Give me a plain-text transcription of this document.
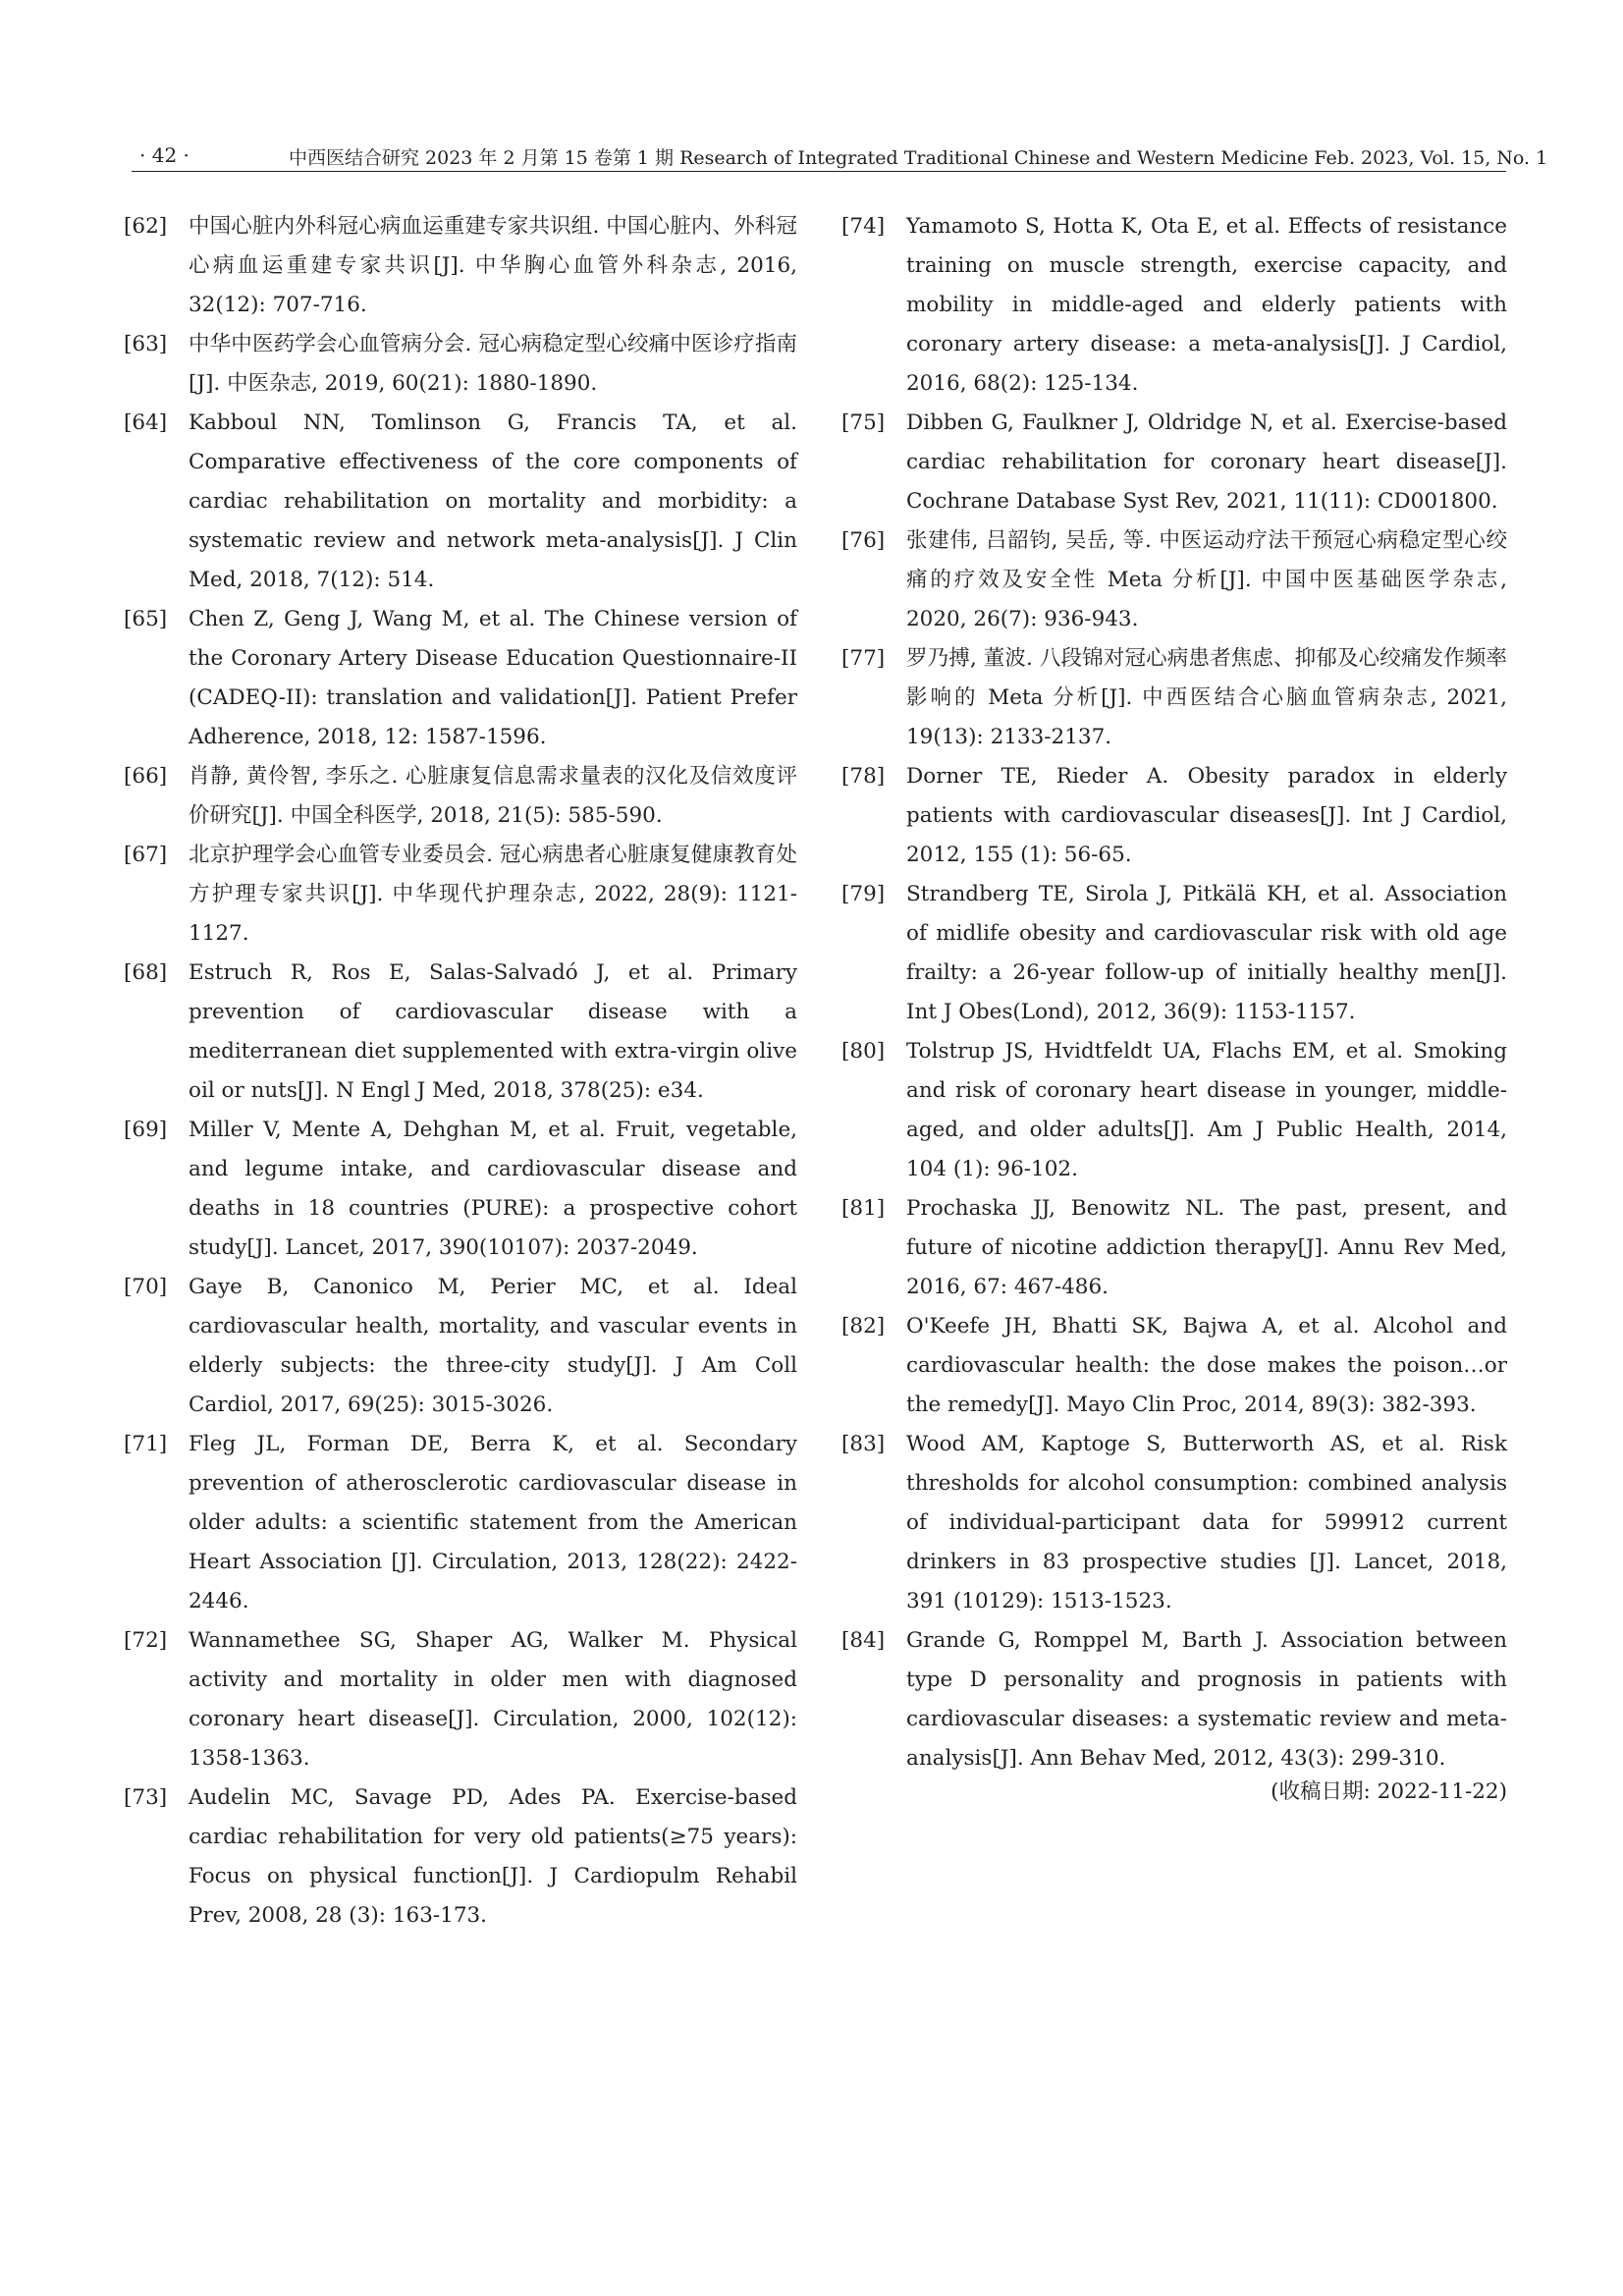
· 42 ·	中西医结合研究 2023 年 2 月第 15 卷第 1 期 Research of Integrated Traditional Chinese and Western Medicine Feb. 2023, Vol. 15, No. 1
[62]	中国心脏内外科冠心病血运重建专家共识组. 中国心脏内、外科冠心病血运重建专家共识[J]. 中华胸心血管外科杂志, 2016, 32(12): 707-716.
[63]	中华中医药学会心血管病分会. 冠心病稳定型心绞痛中医诊疗指南[J]. 中医杂志, 2019, 60(21): 1880-1890.
[64]	Kabboul NN, Tomlinson G, Francis TA, et al. Comparative effectiveness of the core components of cardiac rehabilitation on mortality and morbidity: a systematic review and network meta-analysis[J]. J Clin Med, 2018, 7(12): 514.
[65]	Chen Z, Geng J, Wang M, et al. The Chinese version of the Coronary Artery Disease Education Questionnaire-II (CADEQ-II): translation and validation[J]. Patient Prefer Adherence, 2018, 12: 1587-1596.
[66]	肖静, 黄伶智, 李乐之. 心脏康复信息需求量表的汉化及信效度评价研究[J]. 中国全科医学, 2018, 21(5): 585-590.
[67]	北京护理学会心血管专业委员会. 冠心病患者心脏康复健康教育处方护理专家共识[J]. 中华现代护理杂志, 2022, 28(9): 1121-1127.
[68]	Estruch R, Ros E, Salas-Salvadó J, et al. Primary prevention of cardiovascular disease with a mediterranean diet supplemented with extra-virgin olive oil or nuts[J]. N Engl J Med, 2018, 378(25): e34.
[69]	Miller V, Mente A, Dehghan M, et al. Fruit, vegetable, and legume intake, and cardiovascular disease and deaths in 18 countries (PURE): a prospective cohort study[J]. Lancet, 2017, 390(10107): 2037-2049.
[70]	Gaye B, Canonico M, Perier MC, et al. Ideal cardiovascular health, mortality, and vascular events in elderly subjects: the three-city study[J]. J Am Coll Cardiol, 2017, 69(25): 3015-3026.
[71]	Fleg JL, Forman DE, Berra K, et al. Secondary prevention of atherosclerotic cardiovascular disease in older adults: a scientific statement from the American Heart Association [J]. Circulation, 2013, 128(22): 2422-2446.
[72]	Wannamethee SG, Shaper AG, Walker M. Physical activity and mortality in older men with diagnosed coronary heart disease[J]. Circulation, 2000, 102(12): 1358-1363.
[73]	Audelin MC, Savage PD, Ades PA. Exercise-based cardiac rehabilitation for very old patients(≥75 years): Focus on physical function[J]. J Cardiopulm Rehabil Prev, 2008, 28 (3): 163-173.
[74]	Yamamoto S, Hotta K, Ota E, et al. Effects of resistance training on muscle strength, exercise capacity, and mobility in middle-aged and elderly patients with coronary artery disease: a meta-analysis[J]. J Cardiol, 2016, 68(2): 125-134.
[75]	Dibben G, Faulkner J, Oldridge N, et al. Exercise-based cardiac rehabilitation for coronary heart disease[J]. Cochrane Database Syst Rev, 2021, 11(11): CD001800.
[76]	张建伟, 吕韶钧, 吴岳, 等. 中医运动疗法干预冠心病稳定型心绞痛的疗效及安全性 Meta 分析[J]. 中国中医基础医学杂志, 2020, 26(7): 936-943.
[77]	罗乃搏, 董波. 八段锦对冠心病患者焦虑、抑郁及心绞痛发作频率影响的 Meta 分析[J]. 中西医结合心脑血管病杂志, 2021, 19(13): 2133-2137.
[78]	Dorner TE, Rieder A. Obesity paradox in elderly patients with cardiovascular diseases[J]. Int J Cardiol, 2012, 155 (1): 56-65.
[79]	Strandberg TE, Sirola J, Pitkälä KH, et al. Association of midlife obesity and cardiovascular risk with old age frailty: a 26-year follow-up of initially healthy men[J]. Int J Obes(Lond), 2012, 36(9): 1153-1157.
[80]	Tolstrup JS, Hvidtfeldt UA, Flachs EM, et al. Smoking and risk of coronary heart disease in younger, middle-aged, and older adults[J]. Am J Public Health, 2014, 104 (1): 96-102.
[81]	Prochaska JJ, Benowitz NL. The past, present, and future of nicotine addiction therapy[J]. Annu Rev Med, 2016, 67: 467-486.
[82]	O'Keefe JH, Bhatti SK, Bajwa A, et al. Alcohol and cardiovascular health: the dose makes the poison…or the remedy[J]. Mayo Clin Proc, 2014, 89(3): 382-393.
[83]	Wood AM, Kaptoge S, Butterworth AS, et al. Risk thresholds for alcohol consumption: combined analysis of individual-participant data for 599912 current drinkers in 83 prospective studies [J]. Lancet, 2018, 391 (10129): 1513-1523.
[84]	Grande G, Romppel M, Barth J. Association between type D personality and prognosis in patients with cardiovascular diseases: a systematic review and meta-analysis[J]. Ann Behav Med, 2012, 43(3): 299-310.
(收稿日期: 2022-11-22)
